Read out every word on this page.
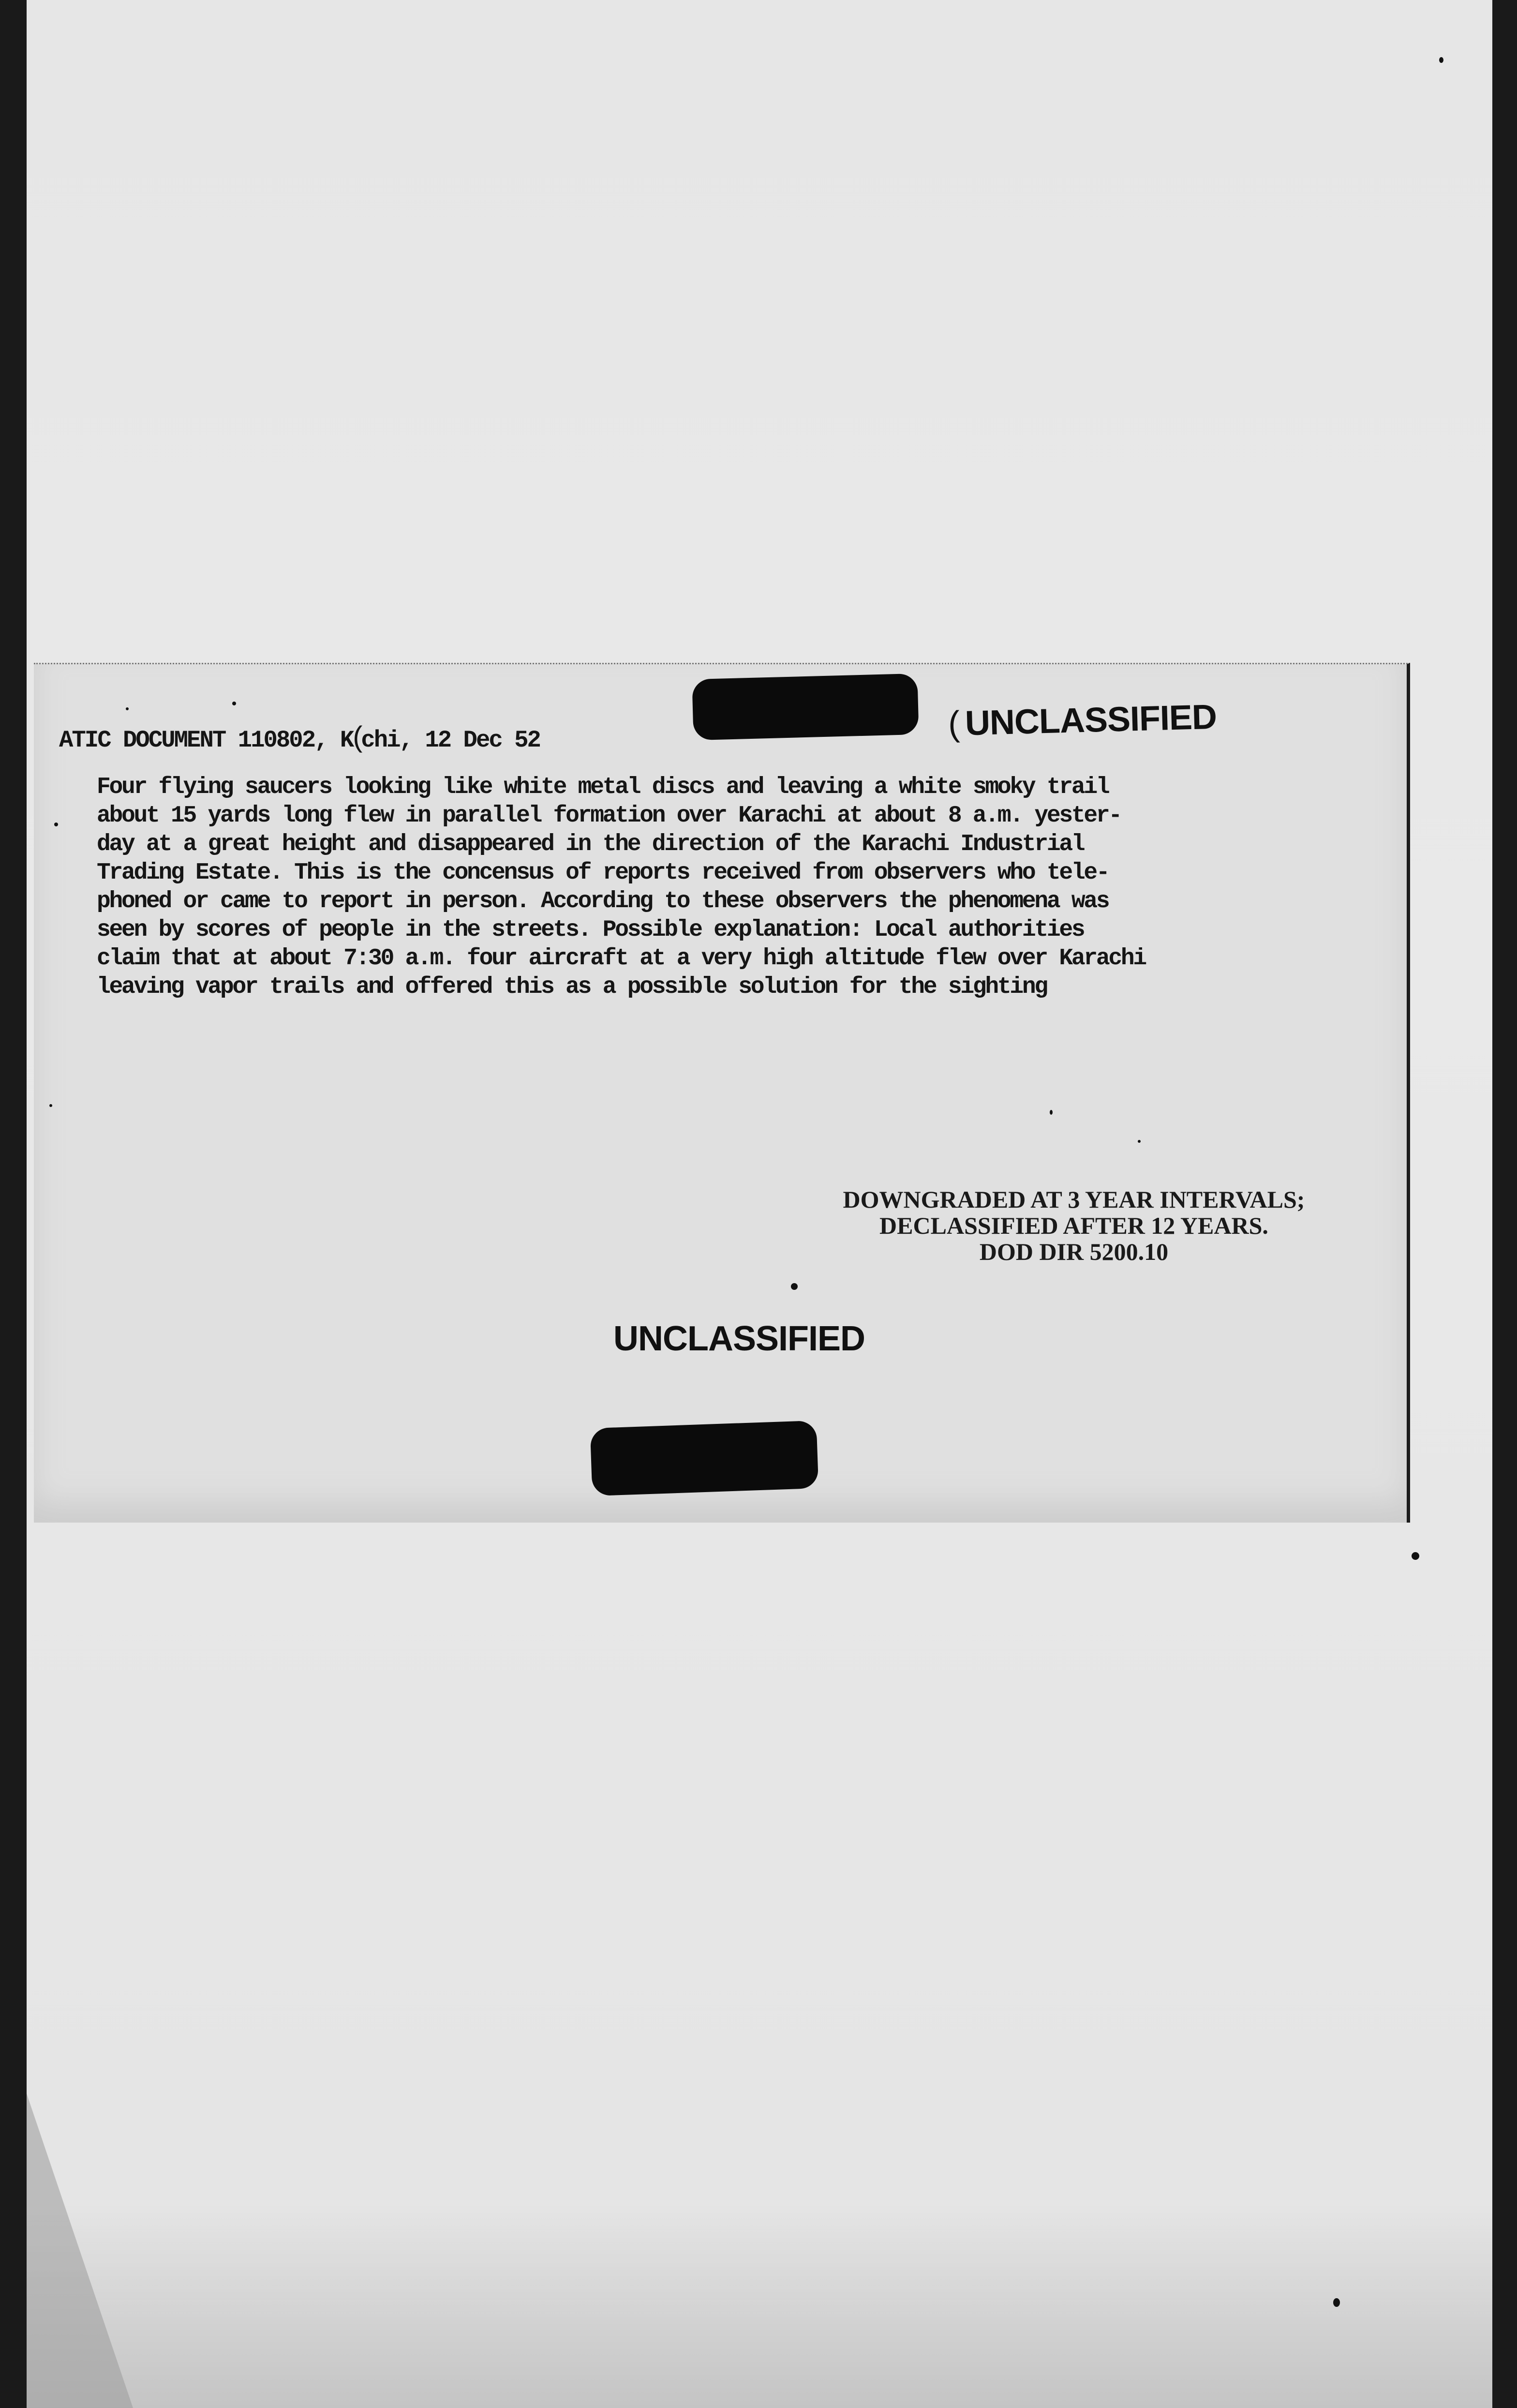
ATIC DOCUMENT 110802, K(chi, 12 Dec 52	( UNCLASSIFIED

Four flying saucers looking like white metal discs and leaving a white smoky trail

about 15 yards long flew in parallel formation over Karachi at about 8 a.m. yester-

day at a great height and disappeared in the direction of the Karachi Industrial

Trading Estate. This is the concensus of reports received from observers who tele-

phoned or came to report in person. According to these observers the phenomena was

seen by scores of people in the streets. Possible explanation: Local authorities

claim that at about 7:30 a.m. four aircraft at a very high altitude flew over Karachi

leaving vapor trails and offered this as a possible solution for the sighting

DOWNGRADED AT 3 YEAR INTERVALS;
DECLASSIFIED AFTER 12 YEARS.
DOD DIR 5200.10
UNCLASSIFIED
